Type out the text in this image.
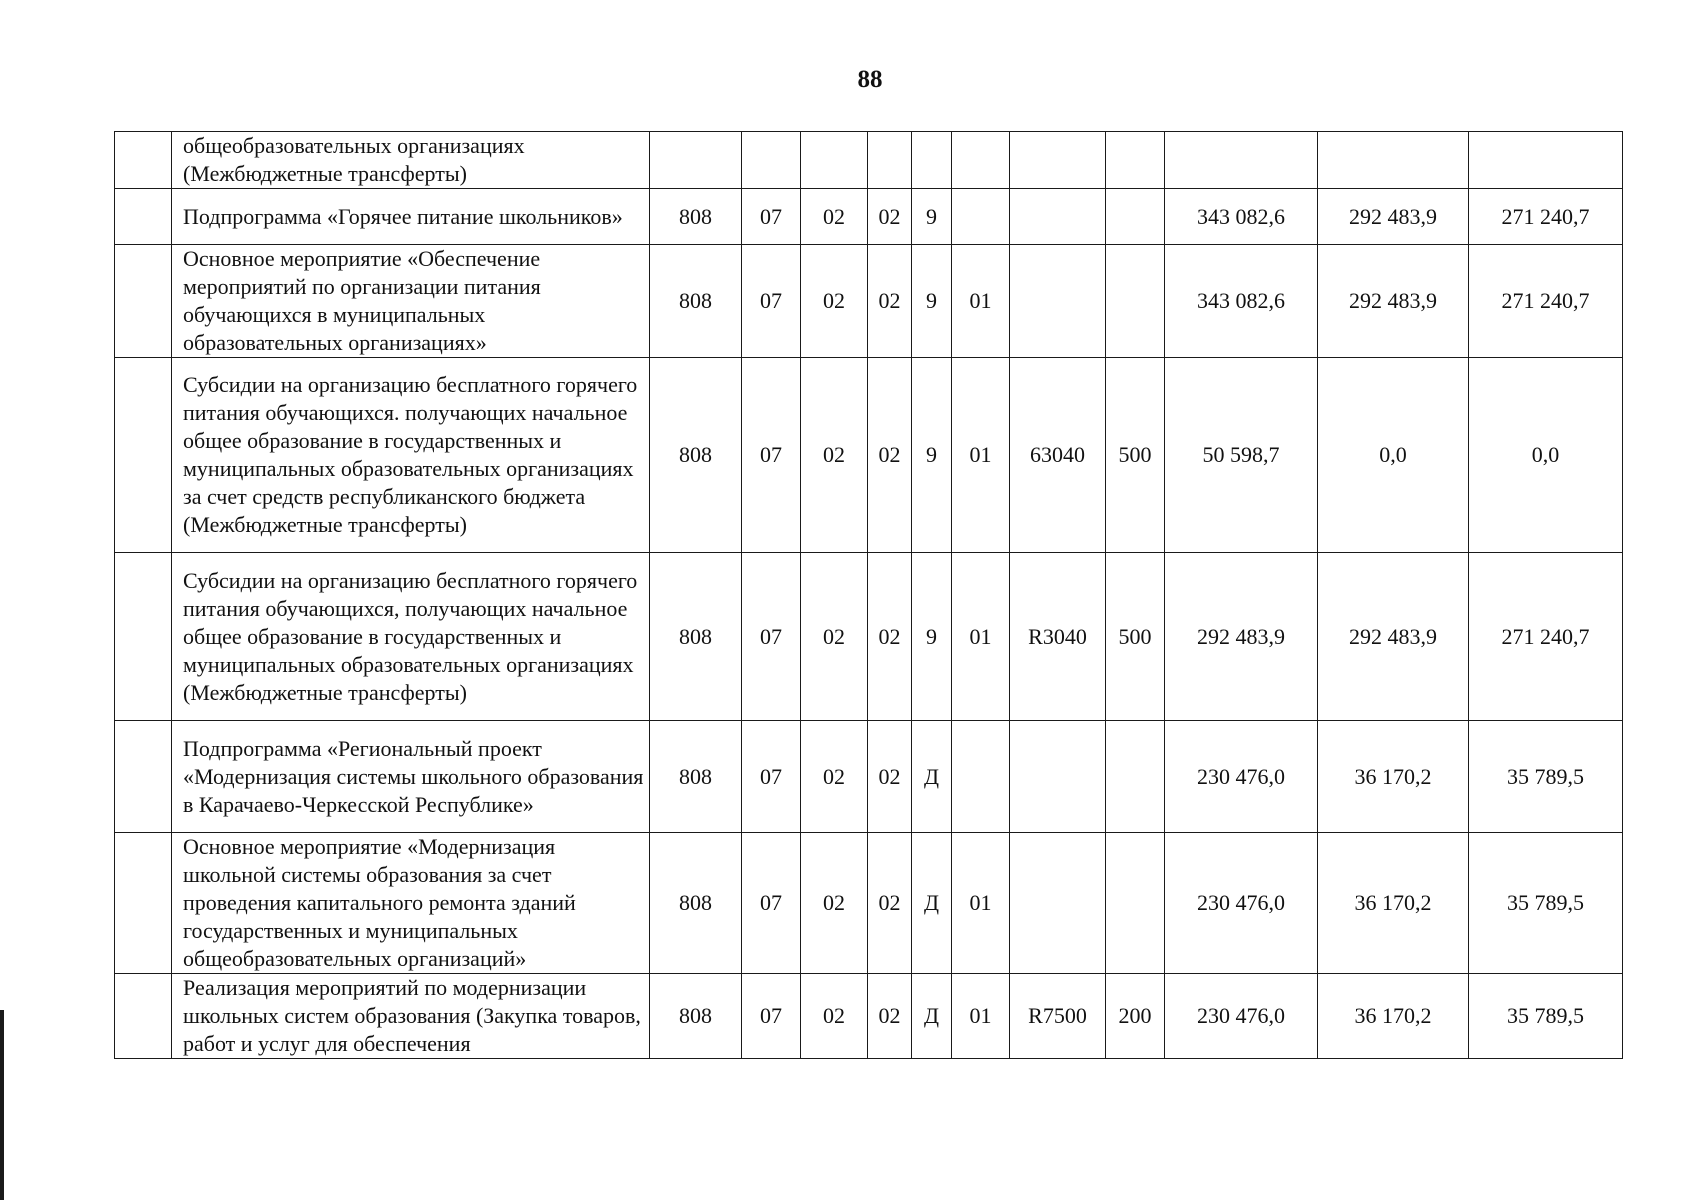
88
	общеобразовательных организациях (Межбюджетные трансферты)											
	Подпрограмма «Горячее питание школьников»	808	07	02	02	9				343 082,6	292 483,9	271 240,7
	Основное мероприятие «Обеспечение мероприятий по организации питания обучающихся в муниципальных образовательных организациях»	808	07	02	02	9	01			343 082,6	292 483,9	271 240,7
	Субсидии на организацию бесплатного горячего питания обучающихся. получающих начальное общее образование в государственных и муниципальных образовательных организациях за счет средств республиканского бюджета (Межбюджетные трансферты)	808	07	02	02	9	01	63040	500	50 598,7	0,0	0,0
	Субсидии на организацию бесплатного горячего питания обучающихся, получающих начальное общее образование в государственных и муниципальных образовательных организациях (Межбюджетные трансферты)	808	07	02	02	9	01	R3040	500	292 483,9	292 483,9	271 240,7
	Подпрограмма «Региональный проект «Модернизация системы школьного образования в Карачаево-Черкесской Республике»	808	07	02	02	Д				230 476,0	36 170,2	35 789,5
	Основное мероприятие «Модернизация школьной системы образования за счет проведения капитального ремонта зданий государственных и муниципальных общеобразовательных организаций»	808	07	02	02	Д	01			230 476,0	36 170,2	35 789,5
	Реализация мероприятий по модернизации школьных систем образования (Закупка товаров, работ и услуг для обеспечения	808	07	02	02	Д	01	R7500	200	230 476,0	36 170,2	35 789,5
